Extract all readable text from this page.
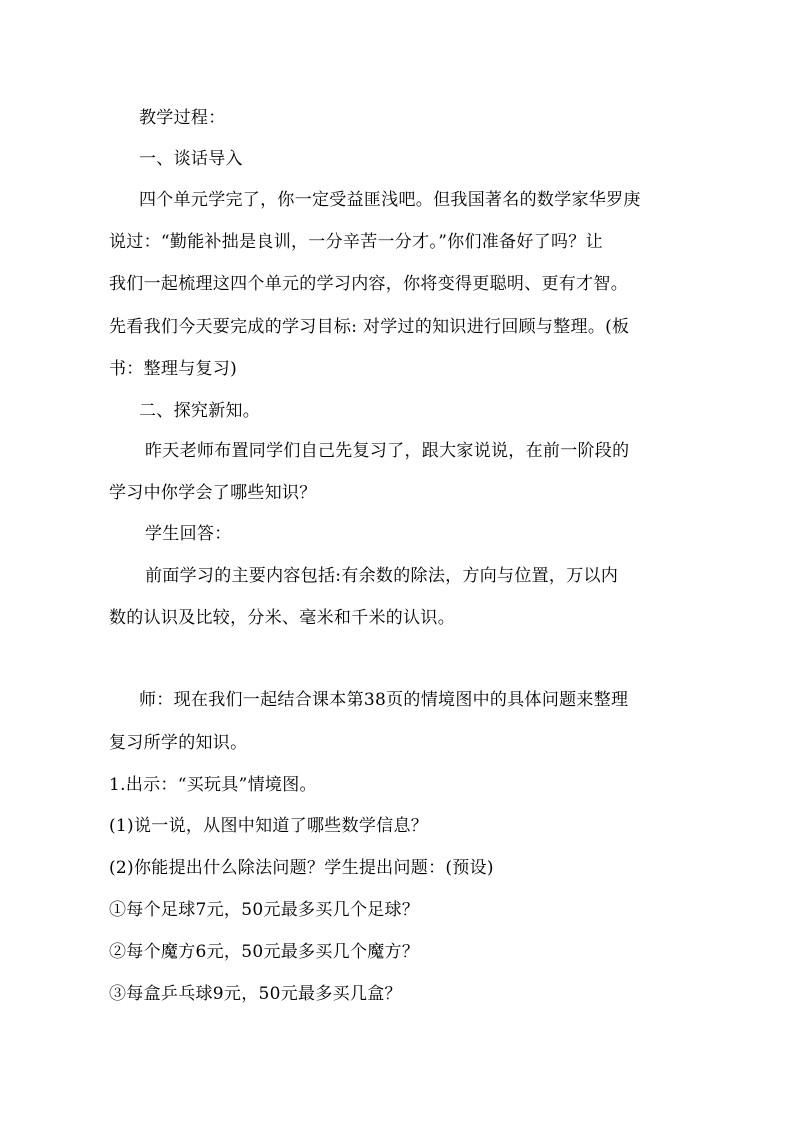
教学过程：
一、谈话导入
四个单元学完了，你一定受益匪浅吧。但我国著名的数学家华罗庚
说过：“勤能补拙是良训，一分辛苦一分才。”你们准备好了吗？让
我们一起梳理这四个单元的学习内容，你将变得更聪明、更有才智。
先看我们今天要完成的学习目标: 对学过的知识进行回顾与整理。(板
书：整理与复习)
二、探究新知。
昨天老师布置同学们自己先复习了，跟大家说说，在前一阶段的
学习中你学会了哪些知识？
学生回答：
前面学习的主要内容包括:有余数的除法，方向与位置，万以内
数的认识及比较，分米、毫米和千米的认识。
师：现在我们一起结合课本第38页的情境图中的具体问题来整理
复习所学的知识。
1.出示：“买玩具”情境图。
(1)说一说，从图中知道了哪些数学信息？
(2)你能提出什么除法问题？学生提出问题：(预设)
①每个足球7元，50元最多买几个足球？
②每个魔方6元，50元最多买几个魔方？
③每盒乒乓球9元，50元最多买几盒？
